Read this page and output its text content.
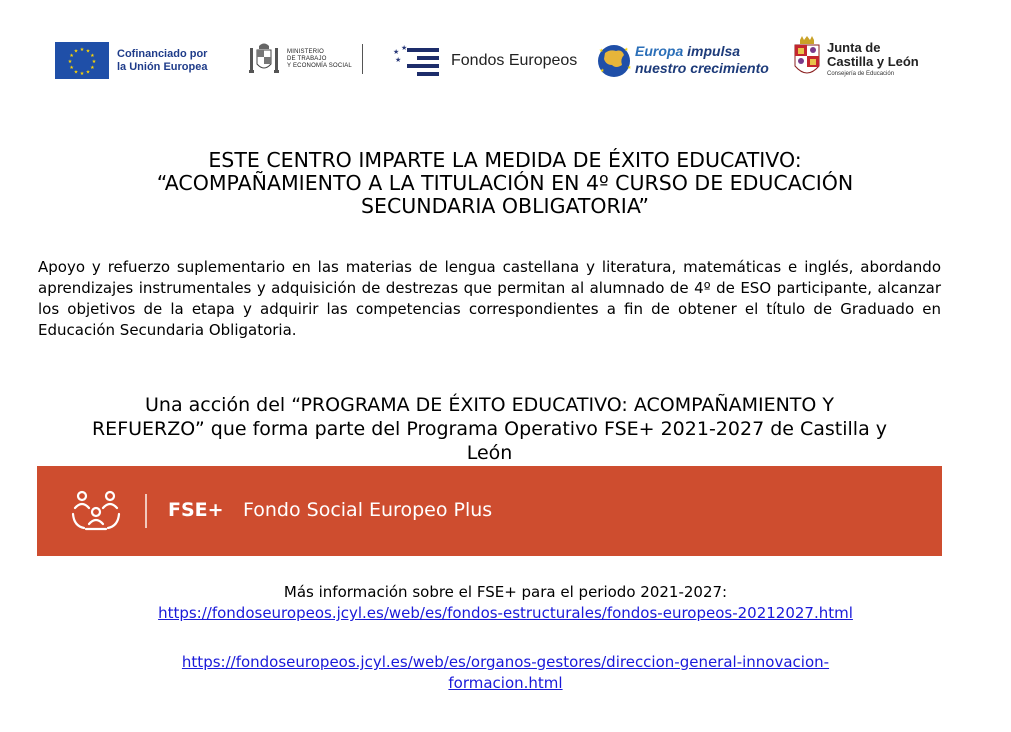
★ ★
★
★
★
★
★
★
★
★
★
★	Cofinanciado por
la Unión Europea
MINISTERIO
DE TRABAJO
Y ECONOMÍA SOCIAL
★ ★
★	Fondos Europeos
★	★
★
★
Europa impulsa
nuestro crecimiento
Junta de
Castilla y León
Consejería de Educación
ESTE CENTRO IMPARTE LA MEDIDA DE ÉXITO EDUCATIVO:
“ACOMPAÑAMIENTO A LA TITULACIÓN EN 4º CURSO DE EDUCACIÓN
SECUNDARIA OBLIGATORIA”

Apoyo y refuerzo suplementario en las materias de lengua castellana y literatura, matemáticas e inglés, abordando aprendizajes instrumentales y adquisición de destrezas que permitan al alumnado de 4º de ESO participante, alcanzar los objetivos de la etapa y adquirir las competencias correspondientes a fin de obtener el título de Graduado en Educación Secundaria Obligatoria.

Una acción del “PROGRAMA DE ÉXITO EDUCATIVO: ACOMPAÑAMIENTO Y
REFUERZO” que forma parte del Programa Operativo FSE+ 2021-2027 de Castilla y
León
FSE+ Fondo Social Europeo Plus
Más información sobre el FSE+ para el periodo 2021-2027:
https://fondoseuropeos.jcyl.es/web/es/fondos-estructurales/fondos-europeos-20212027.html
https://fondoseuropeos.jcyl.es/web/es/organos-gestores/direccion-general-innovacion-
formacion.html
